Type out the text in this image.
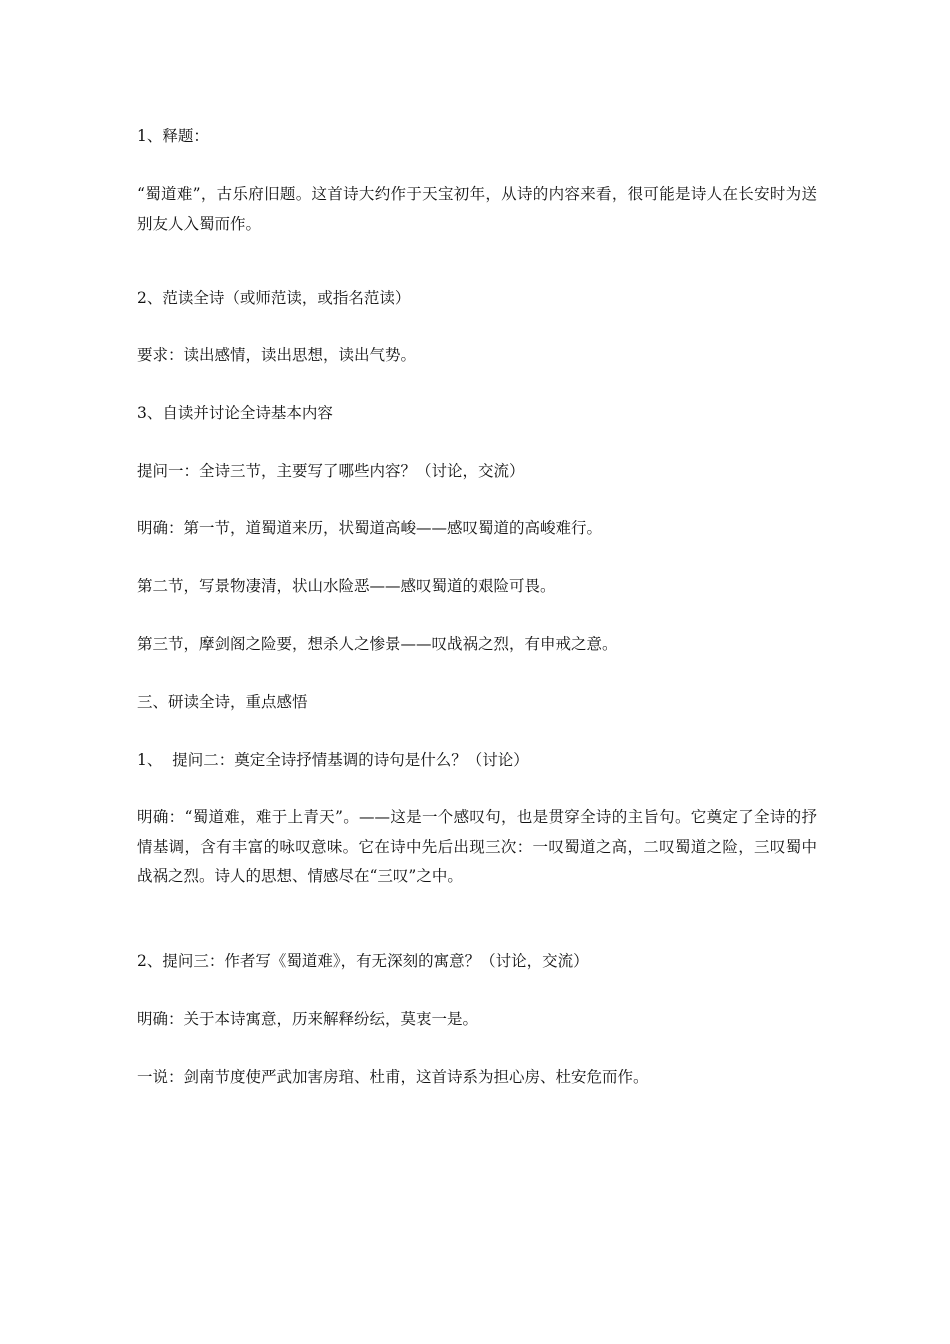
1、释题：

“蜀道难”，古乐府旧题。这首诗大约作于天宝初年，从诗的内容来看，很可能是诗人在长安时为送别友人入蜀而作。

2、范读全诗（或师范读，或指名范读）

要求：读出感情，读出思想，读出气势。

3、自读并讨论全诗基本内容

提问一：全诗三节，主要写了哪些内容？（讨论，交流）

明确：第一节，道蜀道来历，状蜀道高峻——感叹蜀道的高峻难行。

第二节，写景物凄清，状山水险恶——感叹蜀道的艰险可畏。

第三节，摩剑阁之险要，想杀人之惨景——叹战祸之烈，有申戒之意。

三、研读全诗，重点感悟

1、  提问二：奠定全诗抒情基调的诗句是什么？（讨论）

明确：“蜀道难，难于上青天”。——这是一个感叹句，也是贯穿全诗的主旨句。它奠定了全诗的抒情基调，含有丰富的咏叹意味。它在诗中先后出现三次：一叹蜀道之高，二叹蜀道之险，三叹蜀中战祸之烈。诗人的思想、情感尽在“三叹”之中。

2、提问三：作者写《蜀道难》，有无深刻的寓意？（讨论，交流）

明确：关于本诗寓意，历来解释纷纭，莫衷一是。

一说：剑南节度使严武加害房琯、杜甫，这首诗系为担心房、杜安危而作。
